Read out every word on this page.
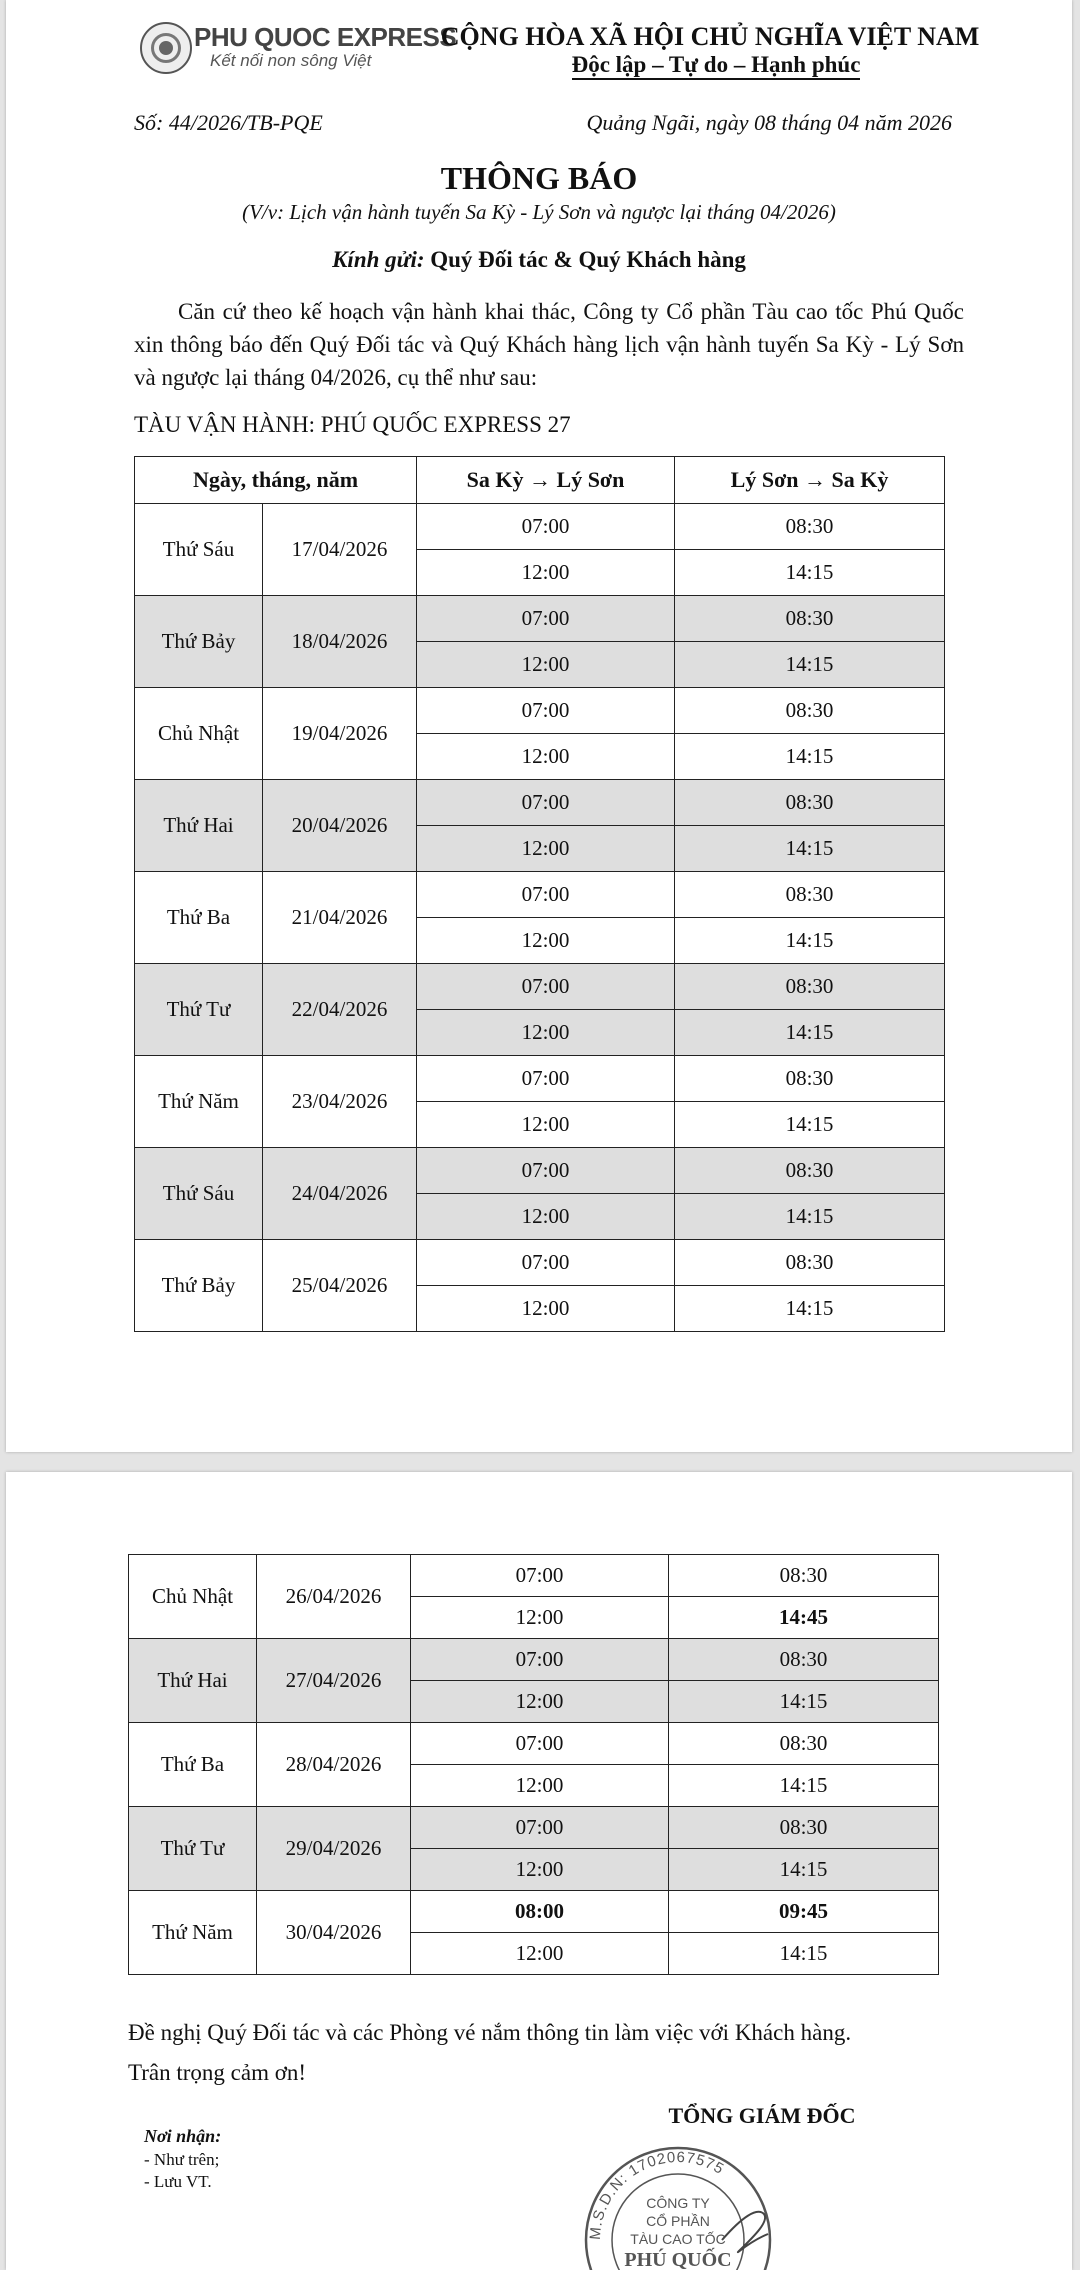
PHU QUOC EXPRESS
Kết nối non sông Việt
CỘNG HÒA XÃ HỘI CHỦ NGHĨA VIỆT NAM
Độc lập – Tự do – Hạnh phúc
Số: 44/2026/TB-PQE	Quảng Ngãi, ngày 08 tháng 04 năm 2026
THÔNG BÁO
(V/v: Lịch vận hành tuyến Sa Kỳ - Lý Sơn và ngược lại tháng 04/2026)
Kính gửi: Quý Đối tác & Quý Khách hàng
Căn cứ theo kế hoạch vận hành khai thác, Công ty Cổ phần Tàu cao tốc Phú Quốc xin thông báo đến Quý Đối tác và Quý Khách hàng lịch vận hành tuyến Sa Kỳ - Lý Sơn và ngược lại tháng 04/2026, cụ thể như sau:
TÀU VẬN HÀNH: PHÚ QUỐC EXPRESS 27
Ngày, tháng, năm		Sa Kỳ → Lý Sơn	Lý Sơn → Sa Kỳ
Thứ Sáu	17/04/2026	07:00	08:30
		12:00	14:15
Thứ Bảy	18/04/2026	07:00	08:30
		12:00	14:15
Chủ Nhật	19/04/2026	07:00	08:30
		12:00	14:15
Thứ Hai	20/04/2026	07:00	08:30
		12:00	14:15
Thứ Ba	21/04/2026	07:00	08:30
		12:00	14:15
Thứ Tư	22/04/2026	07:00	08:30
		12:00	14:15
Thứ Năm	23/04/2026	07:00	08:30
		12:00	14:15
Thứ Sáu	24/04/2026	07:00	08:30
		12:00	14:15
Thứ Bảy	25/04/2026	07:00	08:30
		12:00	14:15
Chủ Nhật	26/04/2026	07:00	08:30
		12:00	14:45
Thứ Hai	27/04/2026	07:00	08:30
		12:00	14:15
Thứ Ba	28/04/2026	07:00	08:30
		12:00	14:15
Thứ Tư	29/04/2026	07:00	08:30
		12:00	14:15
Thứ Năm	30/04/2026	08:00	09:45
		12:00	14:15
Đề nghị Quý Đối tác và các Phòng vé nắm thông tin làm việc với Khách hàng.
Trân trọng cảm ơn!
TỔNG GIÁM ĐỐC
Nơi nhận:
- Như trên;
- Lưu VT.
M.S.D.N: 1702067575
CÔNG TY
CỔ PHẦN
TÀU CAO TỐC
PHÚ QUỐC
